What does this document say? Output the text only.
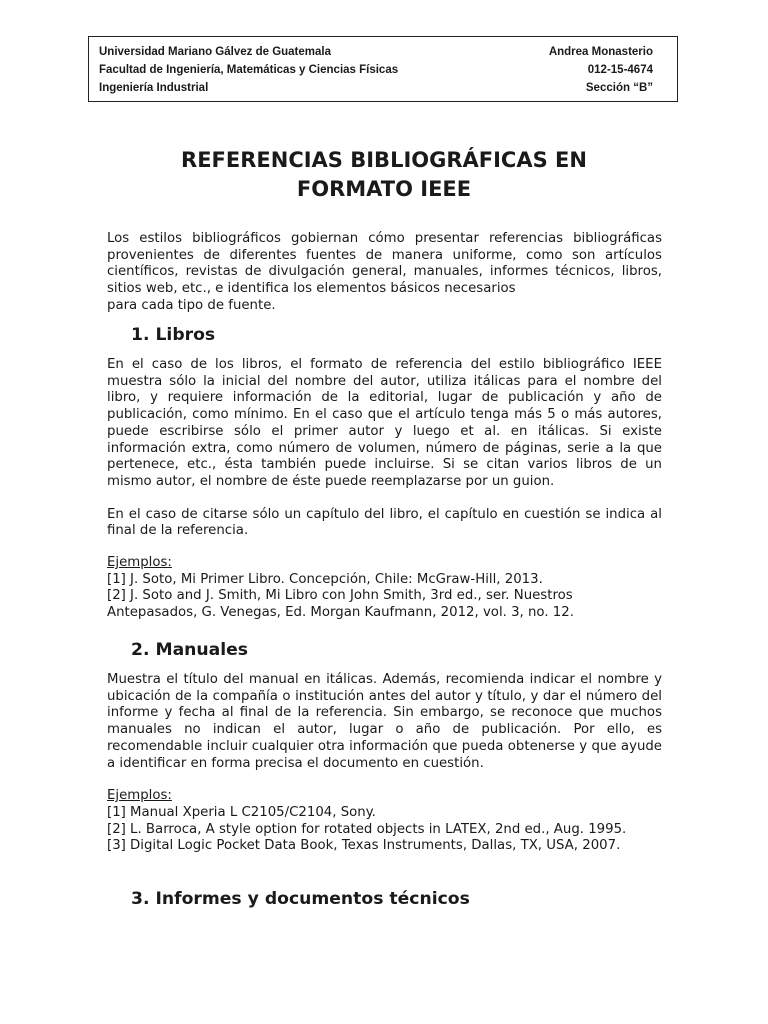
Universidad Mariano Gálvez de Guatemala	Andrea Monasterio
Facultad de Ingeniería, Matemáticas y Ciencias Físicas	012-15-4674
Ingeniería Industrial	Sección “B”
REFERENCIAS BIBLIOGRÁFICAS EN
FORMATO IEEE

Los estilos bibliográficos gobiernan cómo presentar referencias bibliográficas provenientes de diferentes fuentes de manera uniforme, como son artículos científicos, revistas de divulgación general, manuales, informes técnicos, libros, sitios web, etc., e identifica los elementos básicos necesarios

para cada tipo de fuente.

1. Libros

En el caso de los libros, el formato de referencia del estilo bibliográfico IEEE muestra sólo la inicial del nombre del autor, utiliza itálicas para el nombre del libro, y requiere información de la editorial, lugar de publicación y año de publicación, como mínimo. En el caso que el artículo tenga más 5 o más autores, puede escribirse sólo el primer autor y luego et al. en itálicas. Si existe información extra, como número de volumen, número de páginas, serie a la que pertenece, etc., ésta también puede incluirse. Si se citan varios libros de un mismo autor, el nombre de éste puede reemplazarse por un guion.

En el caso de citarse sólo un capítulo del libro, el capítulo en cuestión se indica al final de la referencia.

Ejemplos:

[1] J. Soto, Mi Primer Libro. Concepción, Chile: McGraw-Hill, 2013.

[2] J. Soto and J. Smith, Mi Libro con John Smith, 3rd ed., ser. Nuestros Antepasados, G. Venegas, Ed. Morgan Kaufmann, 2012, vol. 3, no. 12.

2. Manuales

Muestra el título del manual en itálicas. Además, recomienda indicar el nombre y ubicación de la compañía o institución antes del autor y título, y dar el número del informe y fecha al final de la referencia. Sin embargo, se reconoce que muchos manuales no indican el autor, lugar o año de publicación. Por ello, es recomendable incluir cualquier otra información que pueda obtenerse y que ayude a identificar en forma precisa el documento en cuestión.

Ejemplos:

[1] Manual Xperia L C2105/C2104, Sony.

[2] L. Barroca, A style option for rotated objects in LATEX, 2nd ed., Aug. 1995.

[3] Digital Logic Pocket Data Book, Texas Instruments, Dallas, TX, USA, 2007.

3. Informes y documentos técnicos
